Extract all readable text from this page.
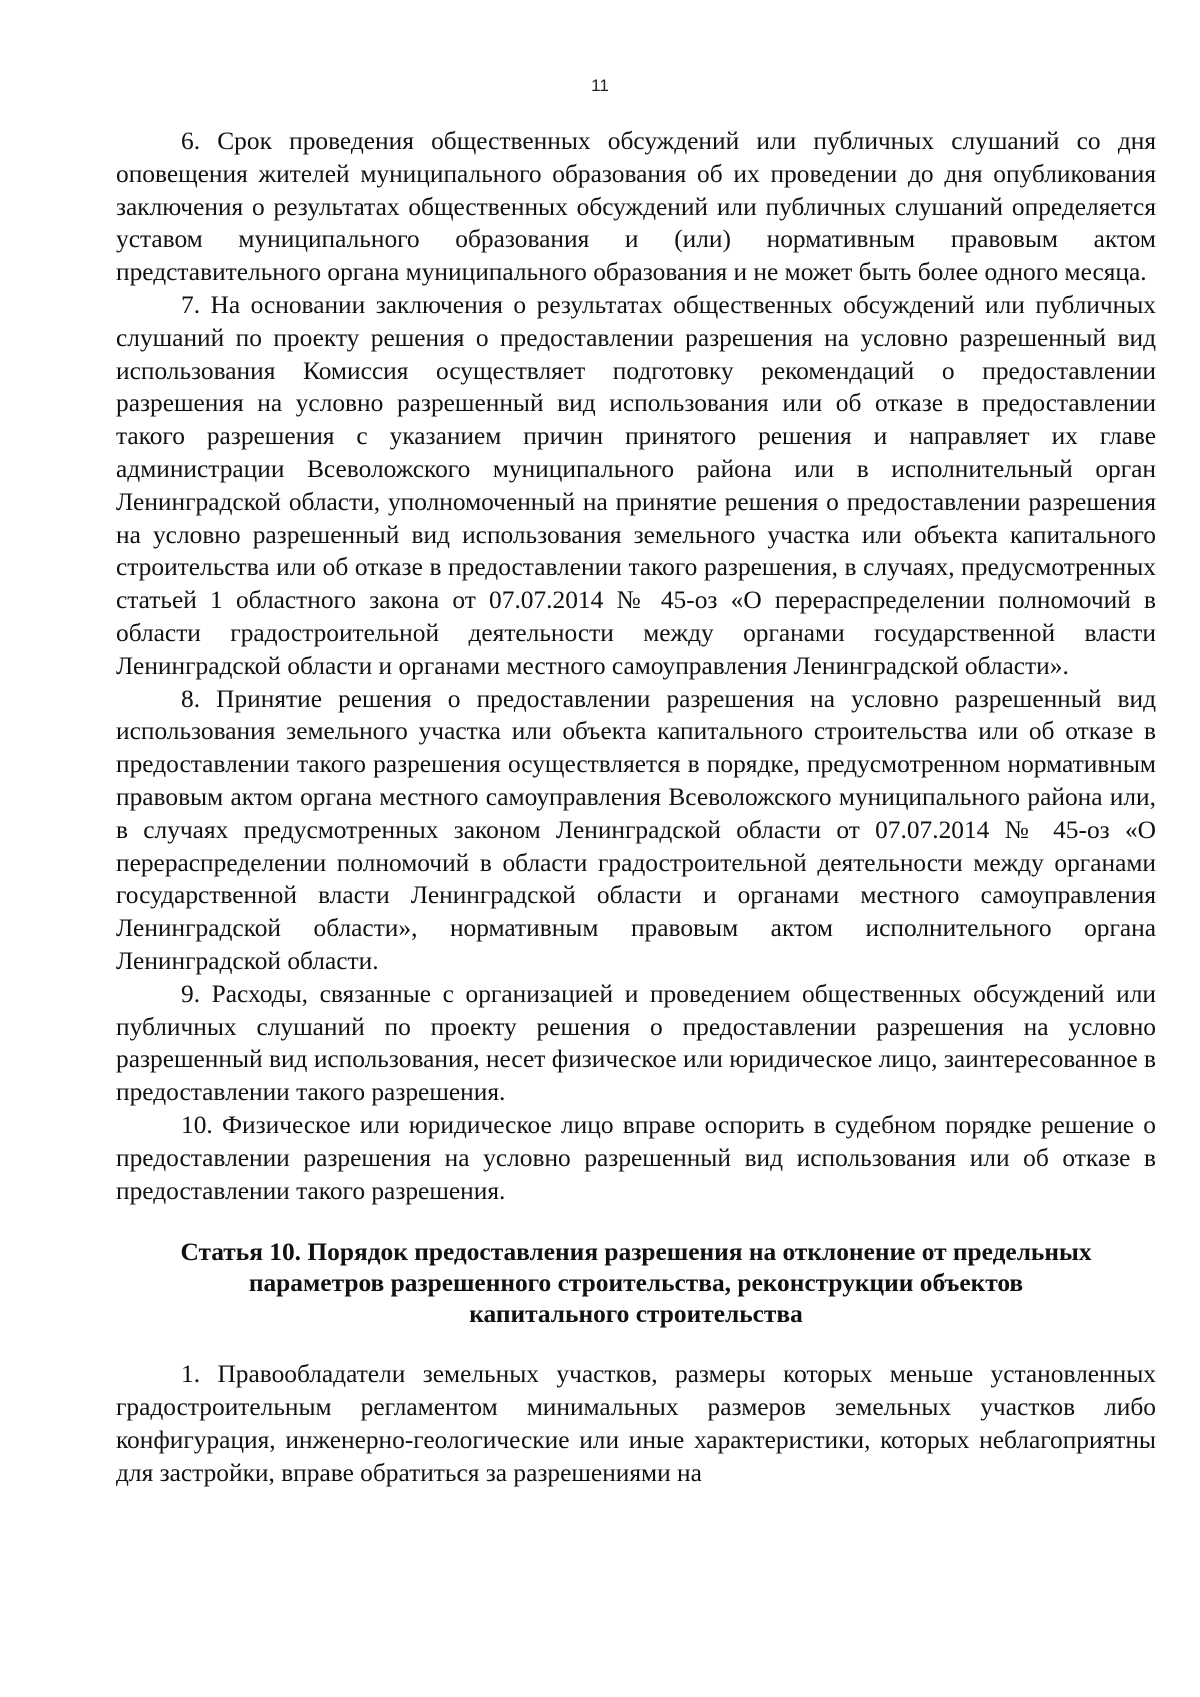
11

6. Срок проведения общественных обсуждений или публичных слушаний со дня оповещения жителей муниципального образования об их проведении до дня опубликования заключения о результатах общественных обсуждений или публичных слушаний определяется уставом муниципального образования и (или) нормативным правовым актом представительного органа муниципального образования и не может быть более одного месяца.

7. На основании заключения о результатах общественных обсуждений или публичных слушаний по проекту решения о предоставлении разрешения на условно разрешенный вид использования Комиссия осуществляет подготовку рекомендаций о предоставлении разрешения на условно разрешенный вид использования или об отказе в предоставлении такого разрешения с указанием причин принятого решения и направляет их главе администрации Всеволожского муниципального района или в исполнительный орган Ленинградской области, уполномоченный на принятие решения о предоставлении разрешения на условно разрешенный вид использования земельного участка или объекта капитального строительства или об отказе в предоставлении такого разрешения, в случаях, предусмотренных статьей 1 областного закона от 07.07.2014 № 45-оз «О перераспределении полномочий в области градостроительной деятельности между органами государственной власти Ленинградской области и органами местного самоуправления Ленинградской области».

8. Принятие решения о предоставлении разрешения на условно разрешенный вид использования земельного участка или объекта капитального строительства или об отказе в предоставлении такого разрешения осуществляется в порядке, предусмотренном нормативным правовым актом органа местного самоуправления Всеволожского муниципального района или, в случаях предусмотренных законом Ленинградской области от 07.07.2014 № 45-оз «О перераспределении полномочий в области градостроительной деятельности между органами государственной власти Ленинградской области и органами местного самоуправления Ленинградской области», нормативным правовым актом исполнительного органа Ленинградской области.

9. Расходы, связанные с организацией и проведением общественных обсуждений или публичных слушаний по проекту решения о предоставлении разрешения на условно разрешенный вид использования, несет физическое или юридическое лицо, заинтересованное в предоставлении такого разрешения.

10. Физическое или юридическое лицо вправе оспорить в судебном порядке решение о предоставлении разрешения на условно разрешенный вид использования или об отказе в предоставлении такого разрешения.

Статья 10. Порядок предоставления разрешения на отклонение от предельных
параметров разрешенного строительства, реконструкции объектов
капитального строительства

1. Правообладатели земельных участков, размеры которых меньше установленных градостроительным регламентом минимальных размеров земельных участков либо конфигурация, инженерно-геологические или иные характеристики, которых неблагоприятны для застройки, вправе обратиться за разрешениями на
